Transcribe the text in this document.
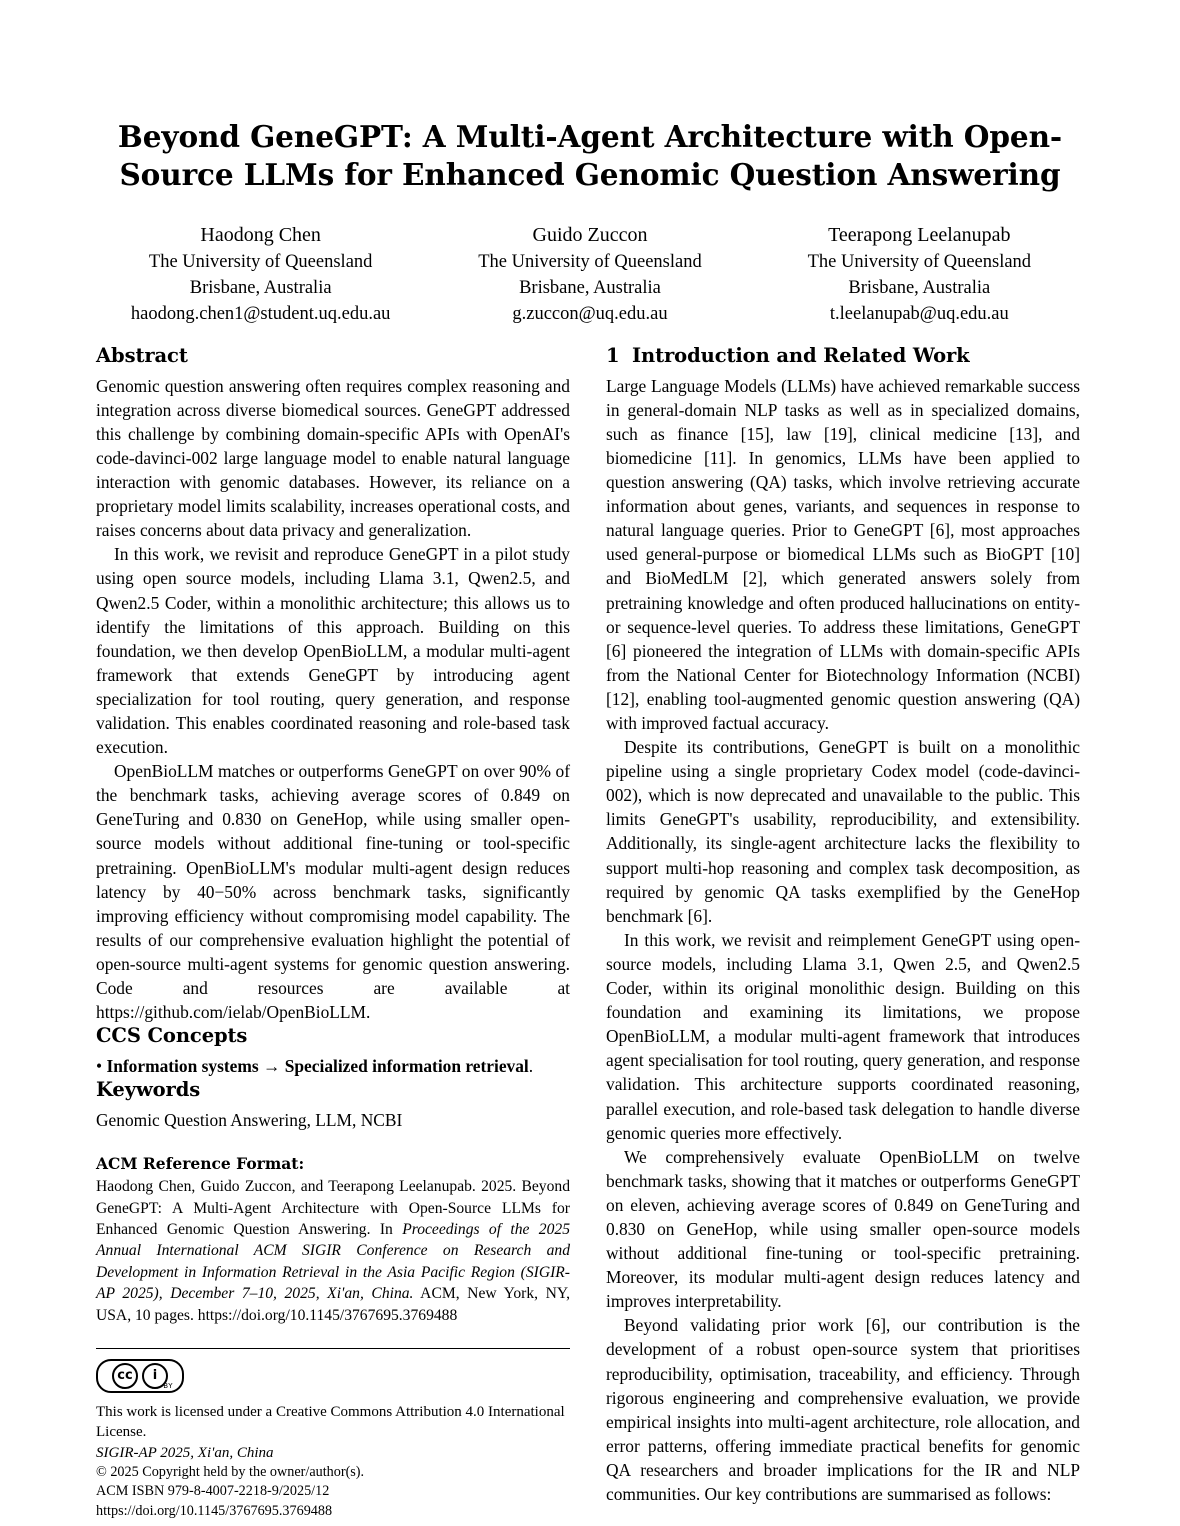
Beyond GeneGPT: A Multi-Agent Architecture with Open-Source LLMs for Enhanced Genomic Question Answering
Haodong Chen
The University of Queensland
Brisbane, Australia
haodong.chen1@student.uq.edu.au
Guido Zuccon
The University of Queensland
Brisbane, Australia
g.zuccon@uq.edu.au
Teerapong Leelanupab
The University of Queensland
Brisbane, Australia
t.leelanupab@uq.edu.au
Abstract

Genomic question answering often requires complex reasoning and integration across diverse biomedical sources. GeneGPT addressed this challenge by combining domain-specific APIs with OpenAI's code-davinci-002 large language model to enable natural language interaction with genomic databases. However, its reliance on a proprietary model limits scalability, increases operational costs, and raises concerns about data privacy and generalization.

In this work, we revisit and reproduce GeneGPT in a pilot study using open source models, including Llama 3.1, Qwen2.5, and Qwen2.5 Coder, within a monolithic architecture; this allows us to identify the limitations of this approach. Building on this foundation, we then develop OpenBioLLM, a modular multi-agent framework that extends GeneGPT by introducing agent specialization for tool routing, query generation, and response validation. This enables coordinated reasoning and role-based task execution.

OpenBioLLM matches or outperforms GeneGPT on over 90% of the benchmark tasks, achieving average scores of 0.849 on GeneTuring and 0.830 on GeneHop, while using smaller open-source models without additional fine-tuning or tool-specific pretraining. OpenBioLLM's modular multi-agent design reduces latency by 40−50% across benchmark tasks, significantly improving efficiency without compromising model capability. The results of our comprehensive evaluation highlight the potential of open-source multi-agent systems for genomic question answering. Code and resources are available at https://github.com/ielab/OpenBioLLM.

CCS Concepts

• Information systems → Specialized information retrieval.

Keywords

Genomic Question Answering, LLM, NCBI

ACM Reference Format:

Haodong Chen, Guido Zuccon, and Teerapong Leelanupab. 2025. Beyond GeneGPT: A Multi-Agent Architecture with Open-Source LLMs for Enhanced Genomic Question Answering. In Proceedings of the 2025 Annual International ACM SIGIR Conference on Research and Development in Information Retrieval in the Asia Pacific Region (SIGIR-AP 2025), December 7–10, 2025, Xi'an, China. ACM, New York, NY, USA, 10 pages. https://doi.org/10.1145/3767695.3769488

cc	i
BY
This work is licensed under a Creative Commons Attribution 4.0 International License.
SIGIR-AP 2025, Xi'an, China
© 2025 Copyright held by the owner/author(s).
ACM ISBN 979-8-4007-2218-9/2025/12
https://doi.org/10.1145/3767695.3769488
1 Introduction and Related Work

Large Language Models (LLMs) have achieved remarkable success in general-domain NLP tasks as well as in specialized domains, such as finance [15], law [19], clinical medicine [13], and biomedicine [11]. In genomics, LLMs have been applied to question answering (QA) tasks, which involve retrieving accurate information about genes, variants, and sequences in response to natural language queries. Prior to GeneGPT [6], most approaches used general-purpose or biomedical LLMs such as BioGPT [10] and BioMedLM [2], which generated answers solely from pretraining knowledge and often produced hallucinations on entity- or sequence-level queries. To address these limitations, GeneGPT [6] pioneered the integration of LLMs with domain-specific APIs from the National Center for Biotechnology Information (NCBI) [12], enabling tool-augmented genomic question answering (QA) with improved factual accuracy.

Despite its contributions, GeneGPT is built on a monolithic pipeline using a single proprietary Codex model (code-davinci-002), which is now deprecated and unavailable to the public. This limits GeneGPT's usability, reproducibility, and extensibility. Additionally, its single-agent architecture lacks the flexibility to support multi-hop reasoning and complex task decomposition, as required by genomic QA tasks exemplified by the GeneHop benchmark [6].

In this work, we revisit and reimplement GeneGPT using open-source models, including Llama 3.1, Qwen 2.5, and Qwen2.5 Coder, within its original monolithic design. Building on this foundation and examining its limitations, we propose OpenBioLLM, a modular multi-agent framework that introduces agent specialisation for tool routing, query generation, and response validation. This architecture supports coordinated reasoning, parallel execution, and role-based task delegation to handle diverse genomic queries more effectively.

We comprehensively evaluate OpenBioLLM on twelve benchmark tasks, showing that it matches or outperforms GeneGPT on eleven, achieving average scores of 0.849 on GeneTuring and 0.830 on GeneHop, while using smaller open-source models without additional fine-tuning or tool-specific pretraining. Moreover, its modular multi-agent design reduces latency and improves interpretability.

Beyond validating prior work [6], our contribution is the development of a robust open-source system that prioritises reproducibility, optimisation, traceability, and efficiency. Through rigorous engineering and comprehensive evaluation, we provide empirical insights into multi-agent architecture, role allocation, and error patterns, offering immediate practical benefits for genomic QA researchers and broader implications for the IR and NLP communities. Our key contributions are summarised as follows:
